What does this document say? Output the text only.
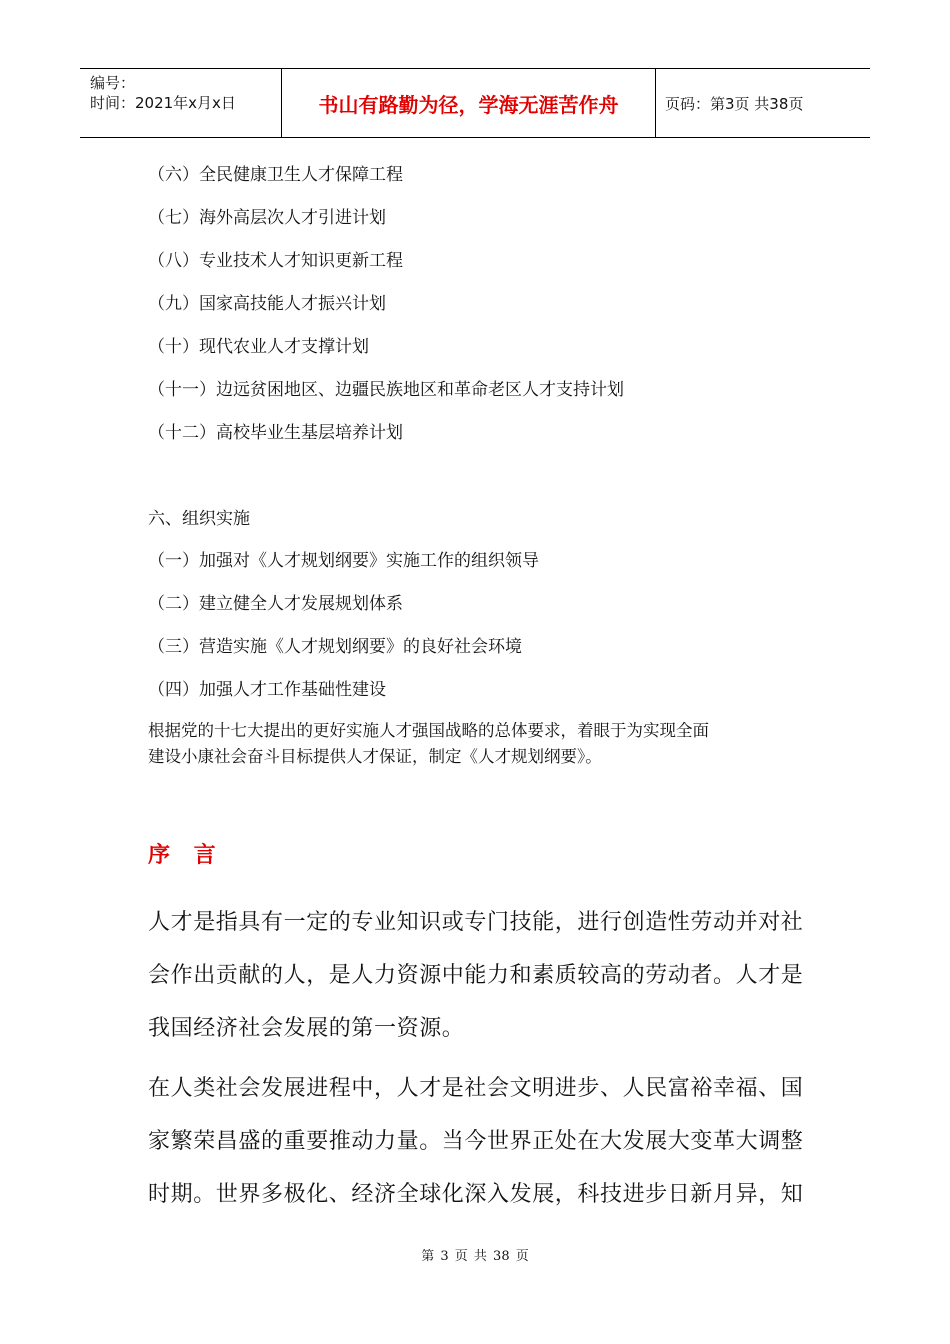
编号：
时间：2021年x月x日	书山有路勤为径，学海无涯苦作舟	页码：第3页 共38页
（六）全民健康卫生人才保障工程
（七）海外高层次人才引进计划
（八）专业技术人才知识更新工程
（九）国家高技能人才振兴计划
（十）现代农业人才支撑计划
（十一）边远贫困地区、边疆民族地区和革命老区人才支持计划
（十二）高校毕业生基层培养计划
六、组织实施
（一）加强对《人才规划纲要》实施工作的组织领导
（二）建立健全人才发展规划体系
（三）营造实施《人才规划纲要》的良好社会环境
（四）加强人才工作基础性建设
根据党的十七大提出的更好实施人才强国战略的总体要求，着眼于为实现全面
建设小康社会奋斗目标提供人才保证，制定《人才规划纲要》。
序 言
人才是指具有一定的专业知识或专门技能，进行创造性劳动并对社
会作出贡献的人，是人力资源中能力和素质较高的劳动者。人才是
我国经济社会发展的第一资源。
在人类社会发展进程中，人才是社会文明进步、人民富裕幸福、国
家繁荣昌盛的重要推动力量。当今世界正处在大发展大变革大调整
时期。世界多极化、经济全球化深入发展，科技进步日新月异，知
第 3 页 共 38 页
